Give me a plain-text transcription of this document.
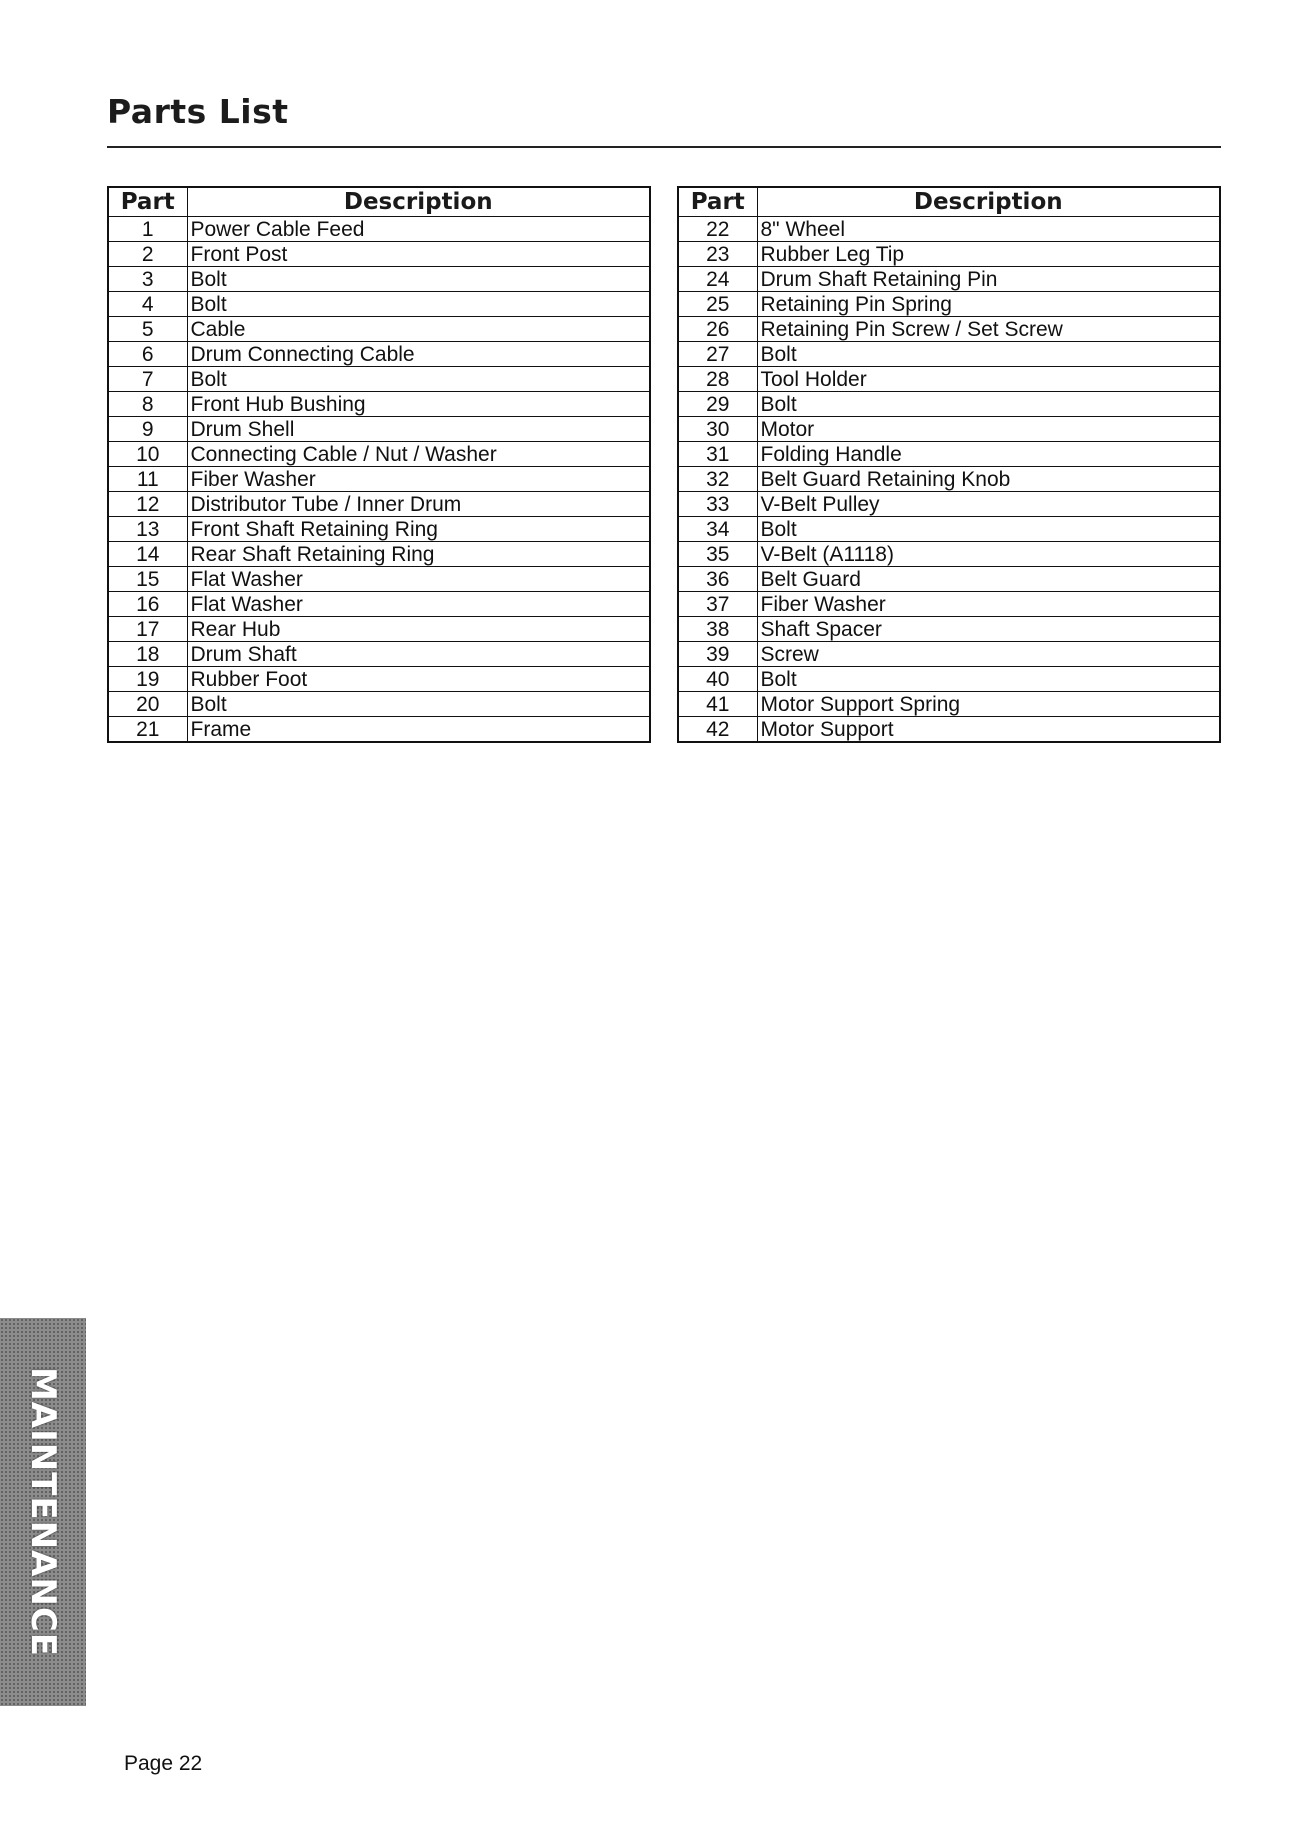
Parts List
Part	Description
1	Power Cable Feed
2	Front Post
3	Bolt
4	Bolt
5	Cable
6	Drum Connecting Cable
7	Bolt
8	Front Hub Bushing
9	Drum Shell
10	Connecting Cable / Nut / Washer
11	Fiber Washer
12	Distributor Tube / Inner Drum
13	Front Shaft Retaining Ring
14	Rear Shaft Retaining Ring
15	Flat Washer
16	Flat Washer
17	Rear Hub
18	Drum Shaft
19	Rubber Foot
20	Bolt
21	Frame
Part	Description
22	8" Wheel
23	Rubber Leg Tip
24	Drum Shaft Retaining Pin
25	Retaining Pin Spring
26	Retaining Pin Screw / Set Screw
27	Bolt
28	Tool Holder
29	Bolt
30	Motor
31	Folding Handle
32	Belt Guard Retaining Knob
33	V-Belt Pulley
34	Bolt
35	V-Belt (A1118)
36	Belt Guard
37	Fiber Washer
38	Shaft Spacer
39	Screw
40	Bolt
41	Motor Support Spring
42	Motor Support
MAINTENANCE
Page 22
